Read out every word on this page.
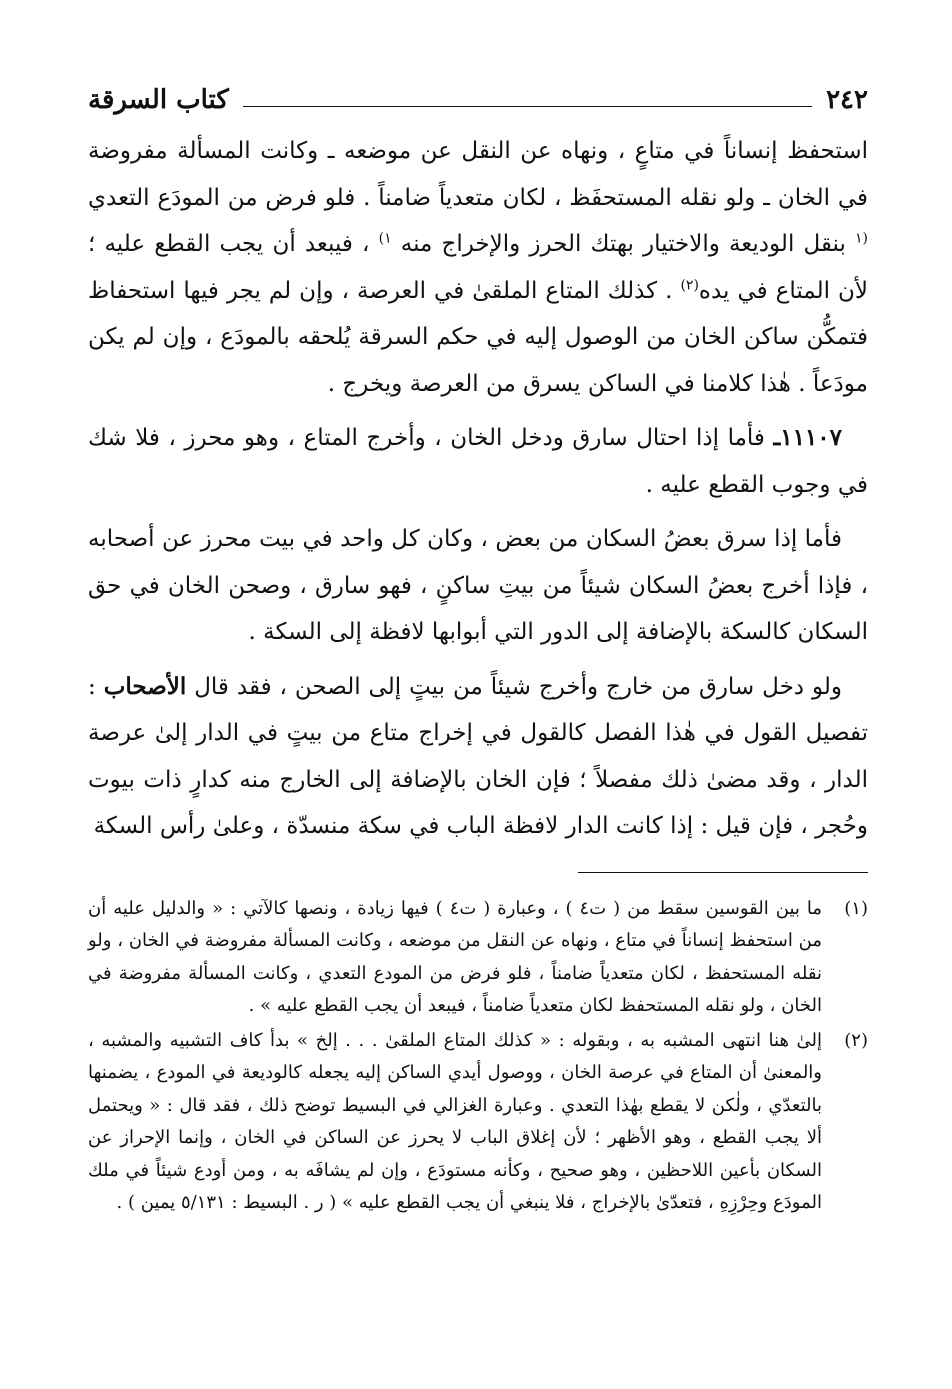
٢٤٢
كتاب السرقة

استحفظ إنساناً في متاعٍ ، ونهاه عن النقل عن موضعه ـ وكانت المسألة مفروضة في الخان ـ ولو نقله المستحفَظ ، لكان متعدياً ضامناً . فلو فرض من المودَع التعدي $^{(١}$ بنقل الوديعة والاختيار بهتك الحرز والإخراج منه $^{١)}$ ، فيبعد أن يجب القطع عليه ؛ لأن المتاع في يده$^{(٢)}$ . كذلك المتاع الملقىٰ في العرصة ، وإن لم يجر فيها استحفاظ فتمكُّن ساكن الخان من الوصول إليه في حكم السرقة يُلحقه بالمودَع ، وإن لم يكن مودَعاً . هٰذا كلامنا في الساكن يسرق من العرصة ويخرج .

١١١٠٧ـ فأما إذا احتال سارق ودخل الخان ، وأخرج المتاع ، وهو محرز ، فلا شك في وجوب القطع عليه .

فأما إذا سرق بعضُ السكان من بعض ، وكان كل واحد في بيت محرز عن أصحابه ، فإذا أخرج بعضُ السكان شيئاً من بيتِ ساكنٍ ، فهو سارق ، وصحن الخان في حق السكان كالسكة بالإضافة إلى الدور التي أبوابها لافظة إلى السكة .

ولو دخل سارق من خارج وأخرج شيئاً من بيتٍ إلى الصحن ، فقد قال الأصحاب : تفصيل القول في هٰذا الفصل كالقول في إخراج متاع من بيتٍ في الدار إلىٰ عرصة الدار ، وقد مضىٰ ذلك مفصلاً ؛ فإن الخان بالإضافة إلى الخارج منه كدارٍ ذات بيوت وحُجر ، فإن قيل : إذا كانت الدار لافظة الباب في سكة منسدّة ، وعلىٰ رأس السكة

(١)
ما بين القوسين سقط من ( ت٤ ) ، وعبارة ( ت٤ ) فيها زيادة ، ونصها كالآتي : « والدليل عليه أن من استحفظ إنساناً في متاع ، ونهاه عن النقل من موضعه ، وكانت المسألة مفروضة في الخان ، ولو نقله المستحفظ ، لكان متعدياً ضامناً ، فلو فرض من المودع التعدي ، وكانت المسألة مفروضة في الخان ، ولو نقله المستحفظ لكان متعدياً ضامناً ، فيبعد أن يجب القطع عليه » .
(٢)
إلىٰ هنا انتهى المشبه به ، وبقوله : « كذلك المتاع الملقىٰ . . . إلخ » بدأ كاف التشبيه والمشبه ، والمعنىٰ أن المتاع في عرصة الخان ، ووصول أيدي الساكن إليه يجعله كالوديعة في المودع ، يضمنها بالتعدّي ، ولٰكن لا يقطع بهٰذا التعدي . وعبارة الغزالي في البسيط توضح ذلك ، فقد قال : « ويحتمل ألا يجب القطع ، وهو الأظهر ؛ لأن إغلاق الباب لا يحرز عن الساكن في الخان ، وإنما الإحراز عن السكان بأعين اللاحظين ، وهو صحيح ، وكأنه مستودَع ، وإن لم يشافَه به ، ومن أودع شيئاً في ملك المودَع وحِرْزِهِ ، فتعدّىٰ بالإخراج ، فلا ينبغي أن يجب القطع عليه » ( ر . البسيط : ٥/١٣١ يمين ) .
